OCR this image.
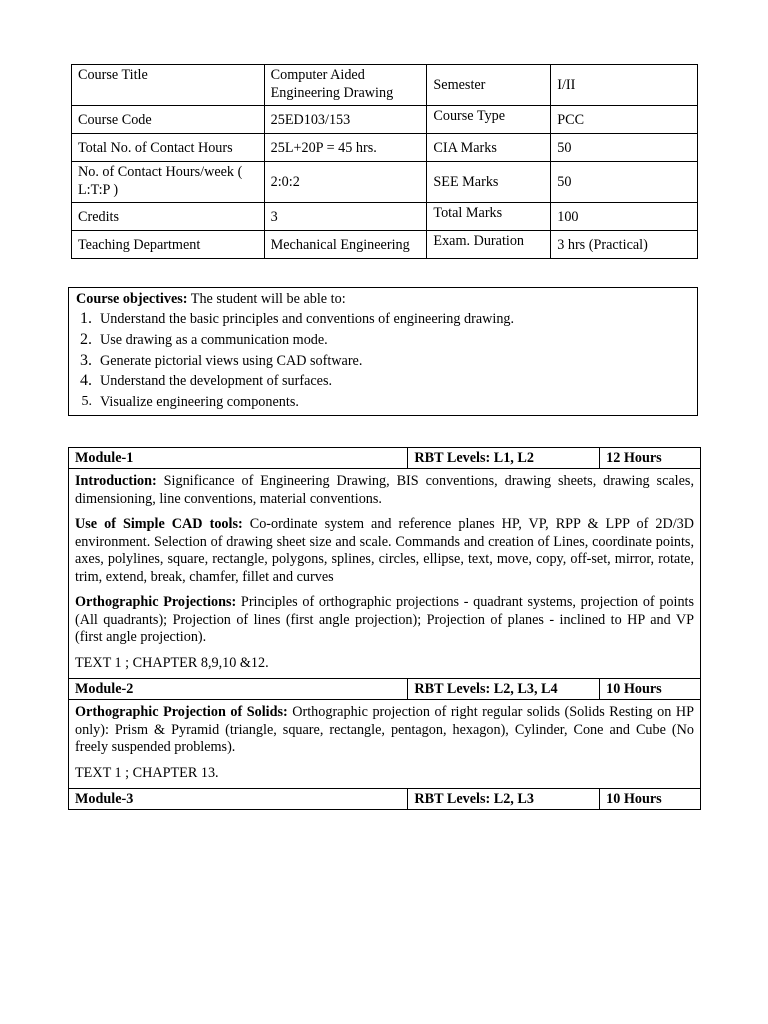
Course Title	Computer Aided Engineering Drawing	Semester	I/II
Course Code	25ED103/153	Course Type	PCC
Total No. of Contact Hours	25L+20P = 45 hrs.	CIA Marks	50
No. of Contact Hours/week ( L:T:P )	2:0:2	SEE Marks	50
Credits	3	Total Marks	100
Teaching Department	Mechanical Engineering	Exam. Duration	3 hrs (Practical)
Course objectives: The student will be able to:
1. Understand the basic principles and conventions of engineering drawing.
2. Use drawing as a communication mode.
3. Generate pictorial views using CAD software.
4. Understand the development of surfaces.
5. Visualize engineering components.
Module-1	RBT Levels: L1, L2	12 Hours

Introduction: Significance of Engineering Drawing, BIS conventions, drawing sheets, drawing scales, dimensioning, line conventions, material conventions.

Use of Simple CAD tools: Co-ordinate system and reference planes HP, VP, RPP & LPP of 2D/3D environment. Selection of drawing sheet size and scale. Commands and creation of Lines, coordinate points, axes, polylines, square, rectangle, polygons, splines, circles, ellipse, text, move, copy, off-set, mirror, rotate, trim, extend, break, chamfer, fillet and curves

Orthographic Projections: Principles of orthographic projections - quadrant systems, projection of points (All quadrants); Projection of lines (first angle projection); Projection of planes - inclined to HP and VP (first angle projection).

TEXT 1 ; CHAPTER 8,9,10 &12.		

Module-2	RBT Levels: L2, L3, L4	10 Hours

Orthographic Projection of Solids: Orthographic projection of right regular solids (Solids Resting on HP only): Prism & Pyramid (triangle, square, rectangle, pentagon, hexagon), Cylinder, Cone and Cube (No freely suspended problems).

TEXT 1 ; CHAPTER 13.		

Module-3	RBT Levels: L2, L3	10 Hours
